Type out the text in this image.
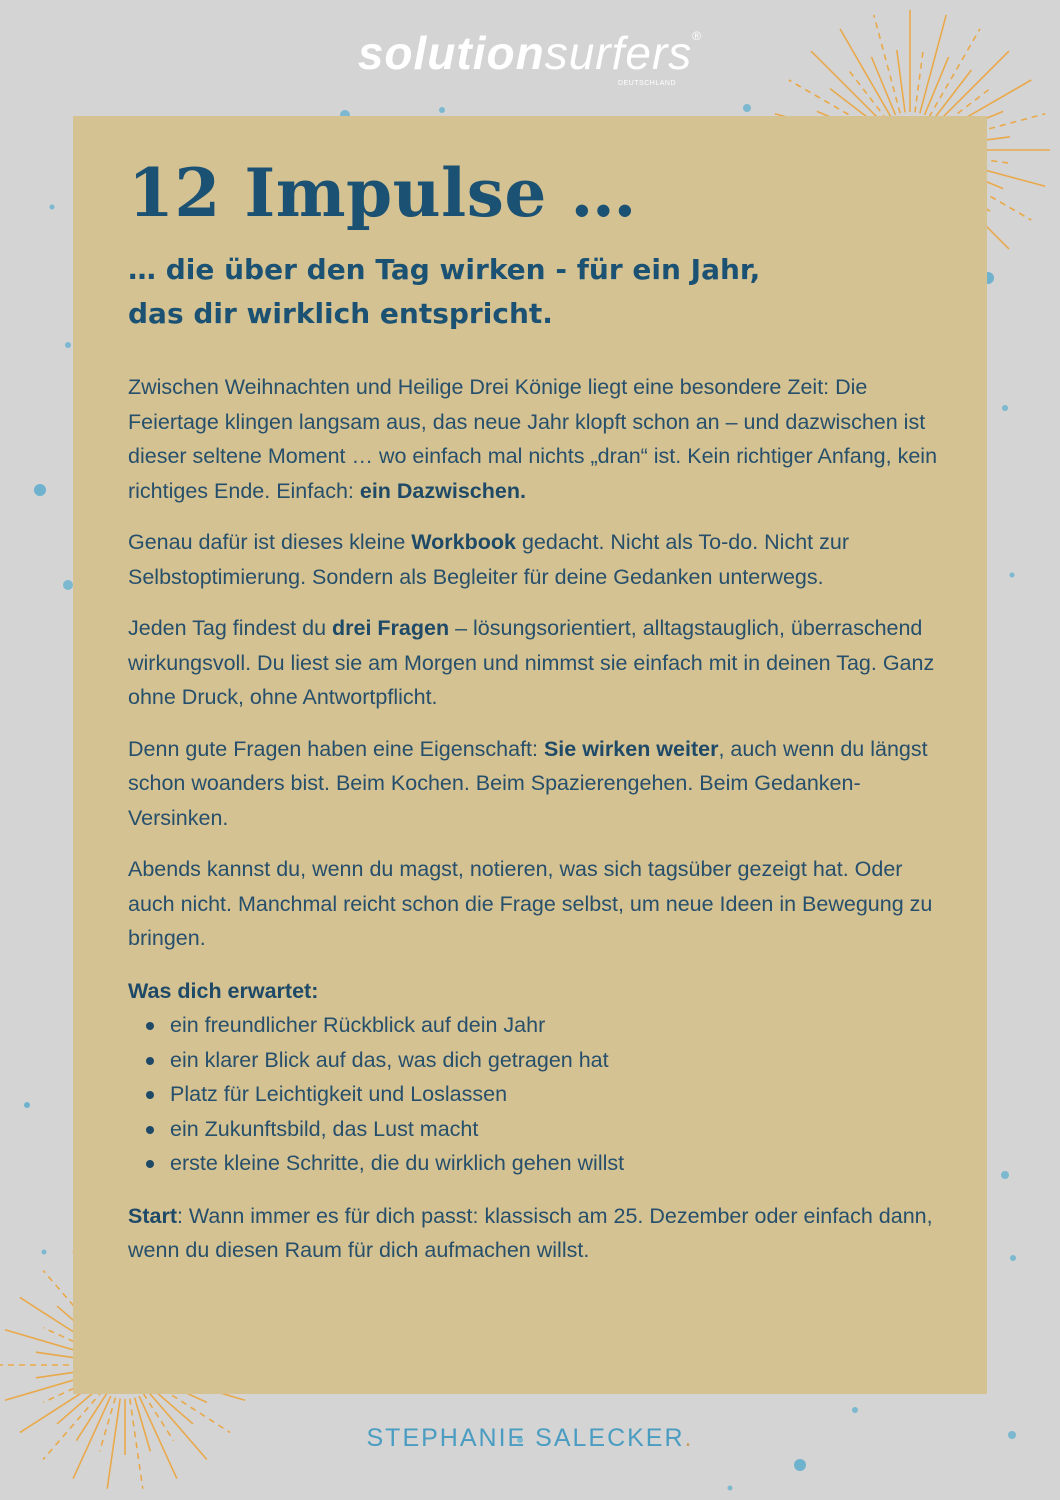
solutionsurfers®
DEUTSCHLAND
12 Impulse …
… die über den Tag wirken - für ein Jahr,
das dir wirklich entspricht.

Zwischen Weihnachten und Heilige Drei Könige liegt eine besondere Zeit: Die Feiertage klingen langsam aus, das neue Jahr klopft schon an – und dazwischen ist dieser seltene Moment … wo einfach mal nichts „dran“ ist. Kein richtiger Anfang, kein richtiges Ende. Einfach: ein Dazwischen.

Genau dafür ist dieses kleine Workbook gedacht. Nicht als To-do. Nicht zur Selbstoptimierung. Sondern als Begleiter für deine Gedanken unterwegs.

Jeden Tag findest du drei Fragen – lösungsorientiert, alltagstauglich, überraschend wirkungsvoll. Du liest sie am Morgen und nimmst sie einfach mit in deinen Tag. Ganz ohne Druck, ohne Antwortpflicht.

Denn gute Fragen haben eine Eigenschaft: Sie wirken weiter, auch wenn du längst schon woanders bist. Beim Kochen. Beim Spazierengehen. Beim Gedanken-Versinken.

Abends kannst du, wenn du magst, notieren, was sich tagsüber gezeigt hat. Oder auch nicht. Manchmal reicht schon die Frage selbst, um neue Ideen in Bewegung zu bringen.

Was dich erwartet:
ein freundlicher Rückblick auf dein Jahr
ein klarer Blick auf das, was dich getragen hat
Platz für Leichtigkeit und Loslassen
ein Zukunftsbild, das Lust macht
erste kleine Schritte, die du wirklich gehen willst

Start: Wann immer es für dich passt: klassisch am 25. Dezember oder einfach dann, wenn du diesen Raum für dich aufmachen willst.

STEPHANIE SALECKER.
